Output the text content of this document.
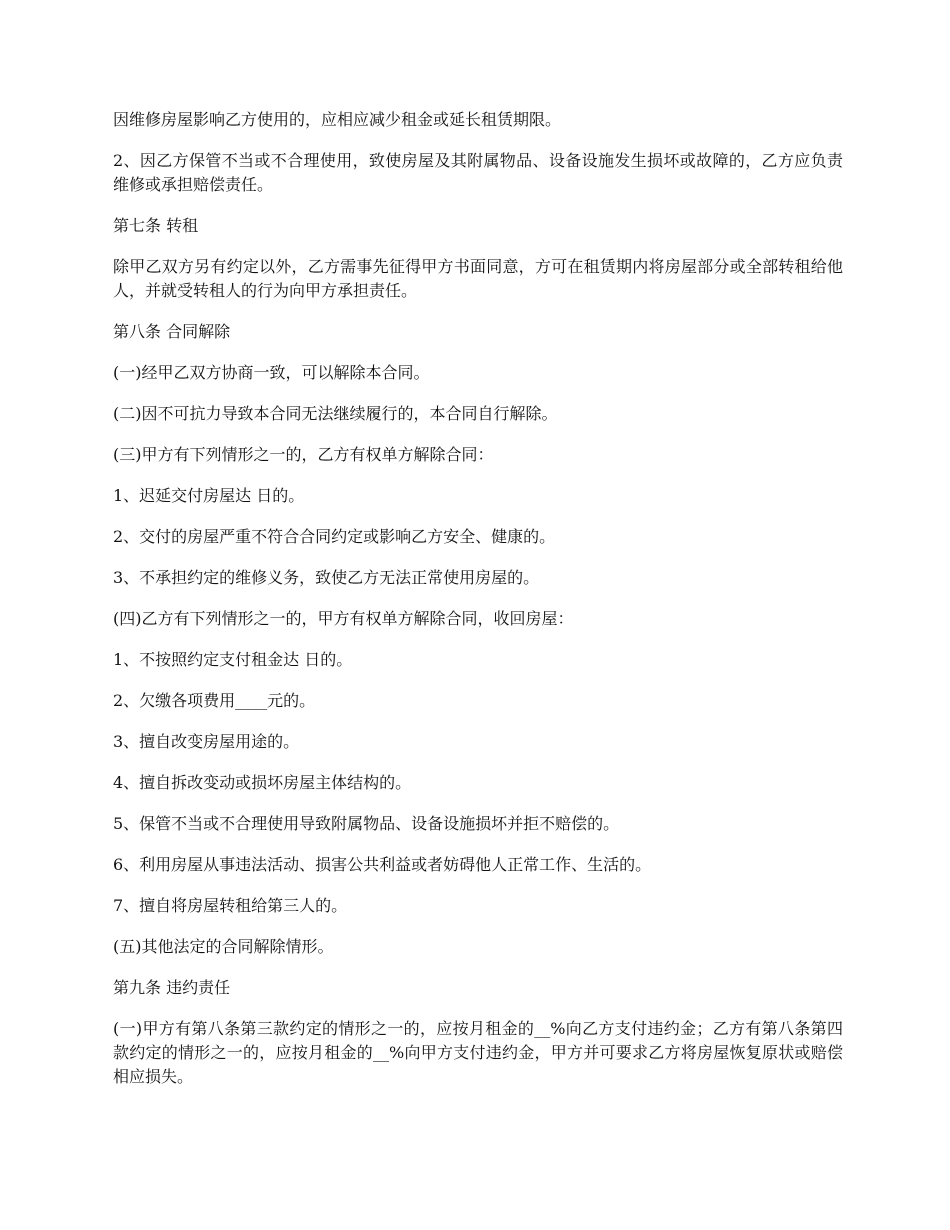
因维修房屋影响乙方使用的，应相应减少租金或延长租赁期限。

2、因乙方保管不当或不合理使用，致使房屋及其附属物品、设备设施发生损坏或故障的，乙方应负责维修或承担赔偿责任。

第七条 转租

除甲乙双方另有约定以外，乙方需事先征得甲方书面同意，方可在租赁期内将房屋部分或全部转租给他人，并就受转租人的行为向甲方承担责任。

第八条 合同解除

(一)经甲乙双方协商一致，可以解除本合同。

(二)因不可抗力导致本合同无法继续履行的，本合同自行解除。

(三)甲方有下列情形之一的，乙方有权单方解除合同：

1、迟延交付房屋达 日的。

2、交付的房屋严重不符合合同约定或影响乙方安全、健康的。

3、不承担约定的维修义务，致使乙方无法正常使用房屋的。

(四)乙方有下列情形之一的，甲方有权单方解除合同，收回房屋：

1、不按照约定支付租金达 日的。

2、欠缴各项费用____元的。

3、擅自改变房屋用途的。

4、擅自拆改变动或损坏房屋主体结构的。

5、保管不当或不合理使用导致附属物品、设备设施损坏并拒不赔偿的。

6、利用房屋从事违法活动、损害公共利益或者妨碍他人正常工作、生活的。

7、擅自将房屋转租给第三人的。

(五)其他法定的合同解除情形。

第九条 违约责任

(一)甲方有第八条第三款约定的情形之一的，应按月租金的__%向乙方支付违约金；乙方有第八条第四款约定的情形之一的，应按月租金的__%向甲方支付违约金，甲方并可要求乙方将房屋恢复原状或赔偿相应损失。
